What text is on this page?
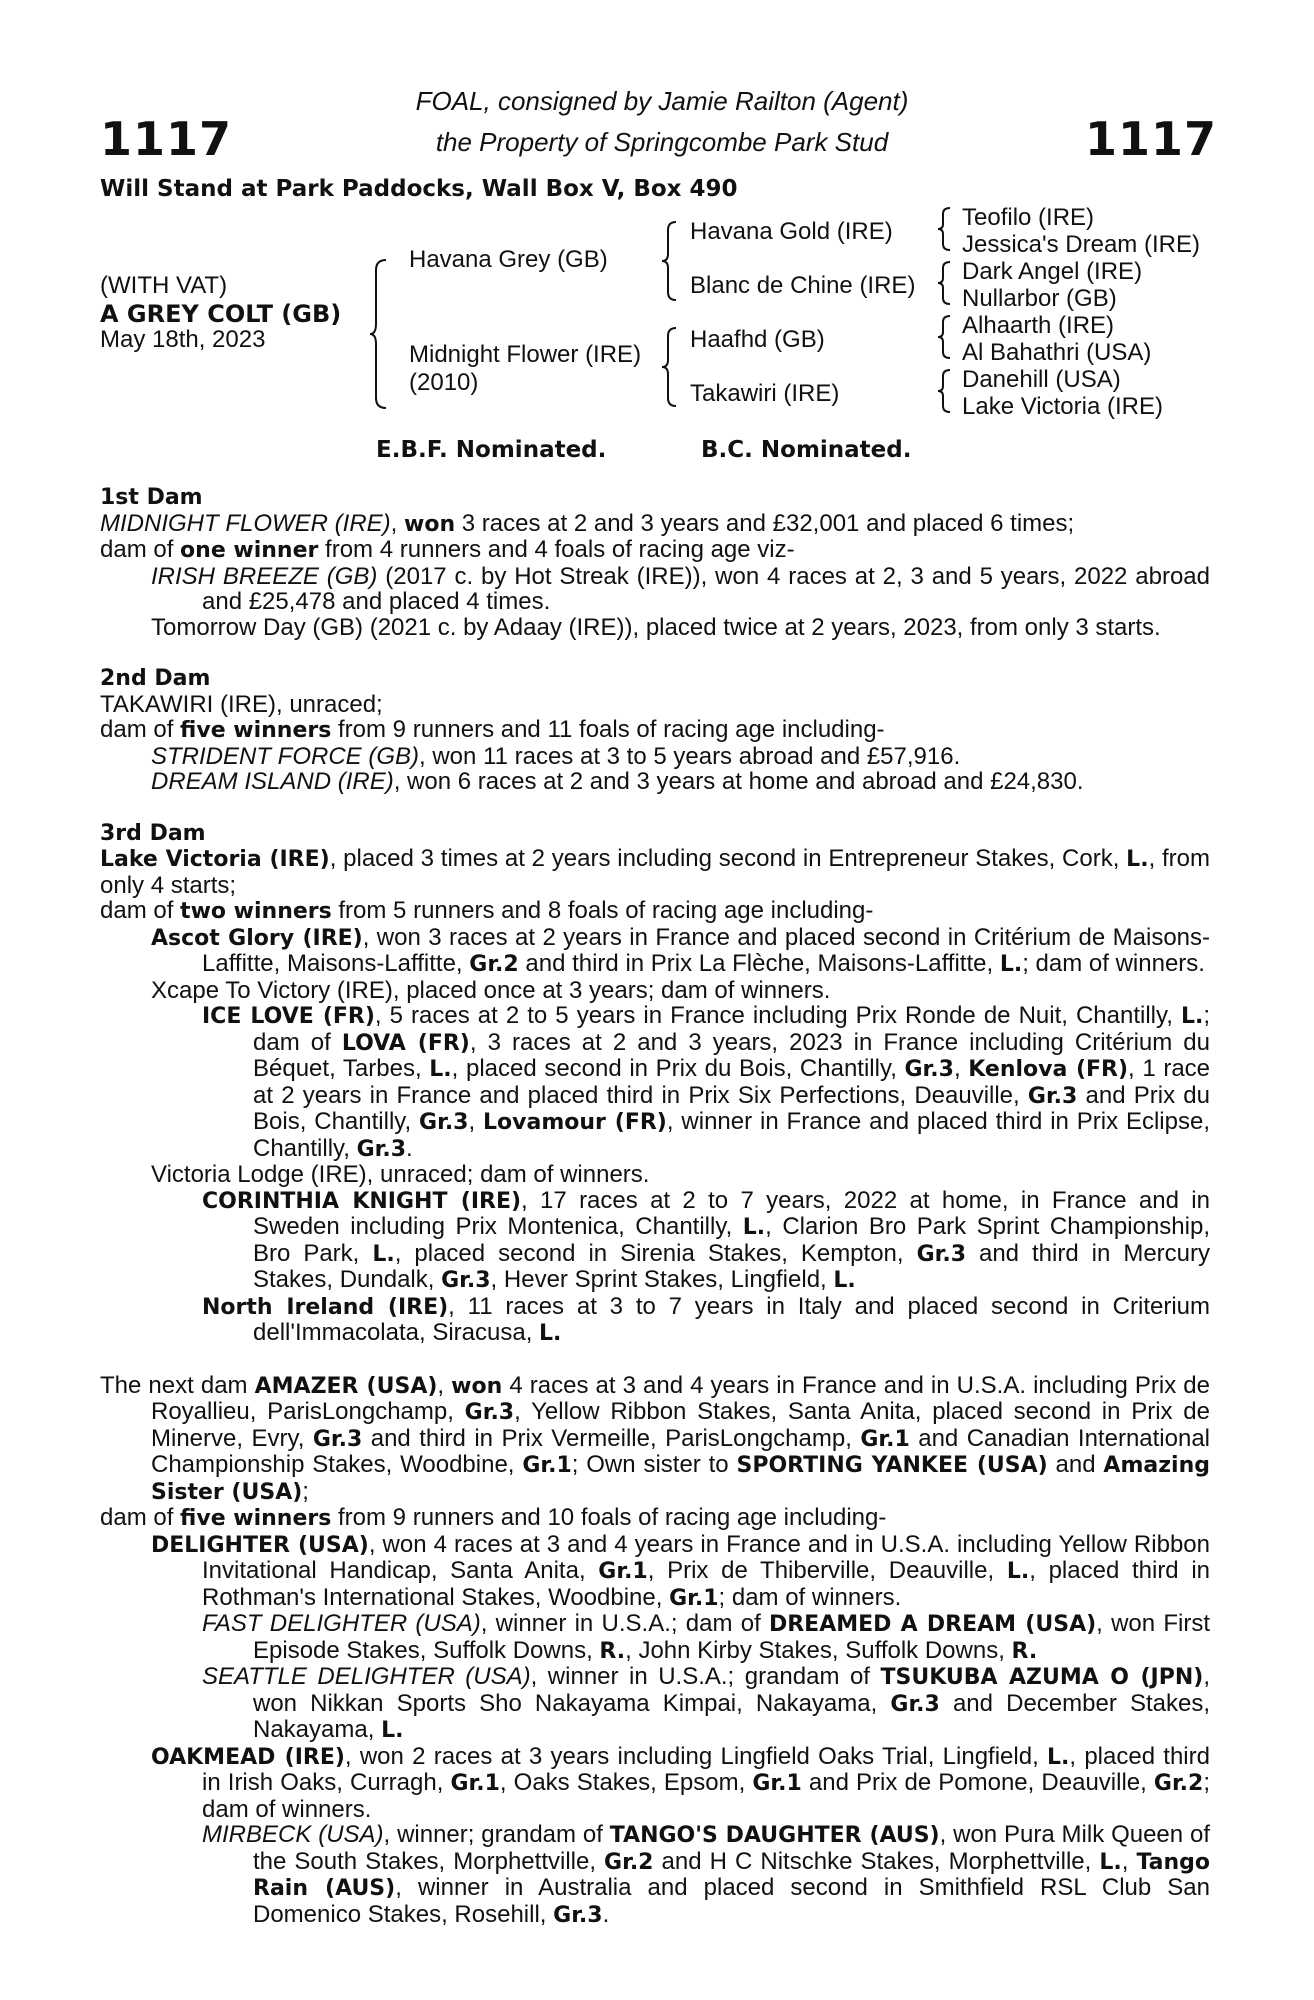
1117	1117
FOAL, consigned by Jamie Railton (Agent)
the Property of Springcombe Park Stud
Will Stand at Park Paddocks, Wall Box V, Box 490
(WITH VAT)
A GREY COLT (GB)
May 18th, 2023
Havana Grey (GB)
Midnight Flower (IRE)
(2010)
Havana Gold (IRE)
Blanc de Chine (IRE)
Haafhd (GB)
Takawiri (IRE)
Teofilo (IRE)
Jessica's Dream (IRE)
Dark Angel (IRE)
Nullarbor (GB)
Alhaarth (IRE)
Al Bahathri (USA)
Danehill (USA)
Lake Victoria (IRE)
E.B.F. Nominated.	B.C. Nominated.

1st Dam

MIDNIGHT FLOWER (IRE), won 3 races at 2 and 3 years and £32,001 and placed 6 times;

dam of one winner from 4 runners and 4 foals of racing age viz-

IRISH BREEZE (GB) (2017 c. by Hot Streak (IRE)), won 4 races at 2, 3 and 5 years, 2022 abroad and £25,478 and placed 4 times.

Tomorrow Day (GB) (2021 c. by Adaay (IRE)), placed twice at 2 years, 2023, from only 3 starts.

2nd Dam

TAKAWIRI (IRE), unraced;

dam of five winners from 9 runners and 11 foals of racing age including-

STRIDENT FORCE (GB), won 11 races at 3 to 5 years abroad and £57,916.

DREAM ISLAND (IRE), won 6 races at 2 and 3 years at home and abroad and £24,830.

3rd Dam

Lake Victoria (IRE), placed 3 times at 2 years including second in Entrepreneur Stakes, Cork, L., from only 4 starts;

dam of two winners from 5 runners and 8 foals of racing age including-

Ascot Glory (IRE), won 3 races at 2 years in France and placed second in Critérium de Maisons-Laffitte, Maisons-Laffitte, Gr.2 and third in Prix La Flèche, Maisons-Laffitte, L.; dam of winners.

Xcape To Victory (IRE), placed once at 3 years; dam of winners.

ICE LOVE (FR), 5 races at 2 to 5 years in France including Prix Ronde de Nuit, Chantilly, L.; dam of LOVA (FR), 3 races at 2 and 3 years, 2023 in France including Critérium du Béquet, Tarbes, L., placed second in Prix du Bois, Chantilly, Gr.3, Kenlova (FR), 1 race at 2 years in France and placed third in Prix Six Perfections, Deauville, Gr.3 and Prix du Bois, Chantilly, Gr.3, Lovamour (FR), winner in France and placed third in Prix Eclipse, Chantilly, Gr.3.

Victoria Lodge (IRE), unraced; dam of winners.

CORINTHIA KNIGHT (IRE), 17 races at 2 to 7 years, 2022 at home, in France and in Sweden including Prix Montenica, Chantilly, L., Clarion Bro Park Sprint Championship, Bro Park, L., placed second in Sirenia Stakes, Kempton, Gr.3 and third in Mercury Stakes, Dundalk, Gr.3, Hever Sprint Stakes, Lingfield, L.

North Ireland (IRE), 11 races at 3 to 7 years in Italy and placed second in Criterium dell'Immacolata, Siracusa, L.

The next dam AMAZER (USA), won 4 races at 3 and 4 years in France and in U.S.A. including Prix de Royallieu, ParisLongchamp, Gr.3, Yellow Ribbon Stakes, Santa Anita, placed second in Prix de Minerve, Evry, Gr.3 and third in Prix Vermeille, ParisLongchamp, Gr.1 and Canadian International Championship Stakes, Woodbine, Gr.1; Own sister to SPORTING YANKEE (USA) and Amazing Sister (USA);

dam of five winners from 9 runners and 10 foals of racing age including-

DELIGHTER (USA), won 4 races at 3 and 4 years in France and in U.S.A. including Yellow Ribbon Invitational Handicap, Santa Anita, Gr.1, Prix de Thiberville, Deauville, L., placed third in Rothman's International Stakes, Woodbine, Gr.1; dam of winners.

FAST DELIGHTER (USA), winner in U.S.A.; dam of DREAMED A DREAM (USA), won First Episode Stakes, Suffolk Downs, R., John Kirby Stakes, Suffolk Downs, R.

SEATTLE DELIGHTER (USA), winner in U.S.A.; grandam of TSUKUBA AZUMA O (JPN), won Nikkan Sports Sho Nakayama Kimpai, Nakayama, Gr.3 and December Stakes, Nakayama, L.

OAKMEAD (IRE), won 2 races at 3 years including Lingfield Oaks Trial, Lingfield, L., placed third in Irish Oaks, Curragh, Gr.1, Oaks Stakes, Epsom, Gr.1 and Prix de Pomone, Deauville, Gr.2; dam of winners.

MIRBECK (USA), winner; grandam of TANGO'S DAUGHTER (AUS), won Pura Milk Queen of the South Stakes, Morphettville, Gr.2 and H C Nitschke Stakes, Morphettville, L., Tango Rain (AUS), winner in Australia and placed second in Smithfield RSL Club San Domenico Stakes, Rosehill, Gr.3.
